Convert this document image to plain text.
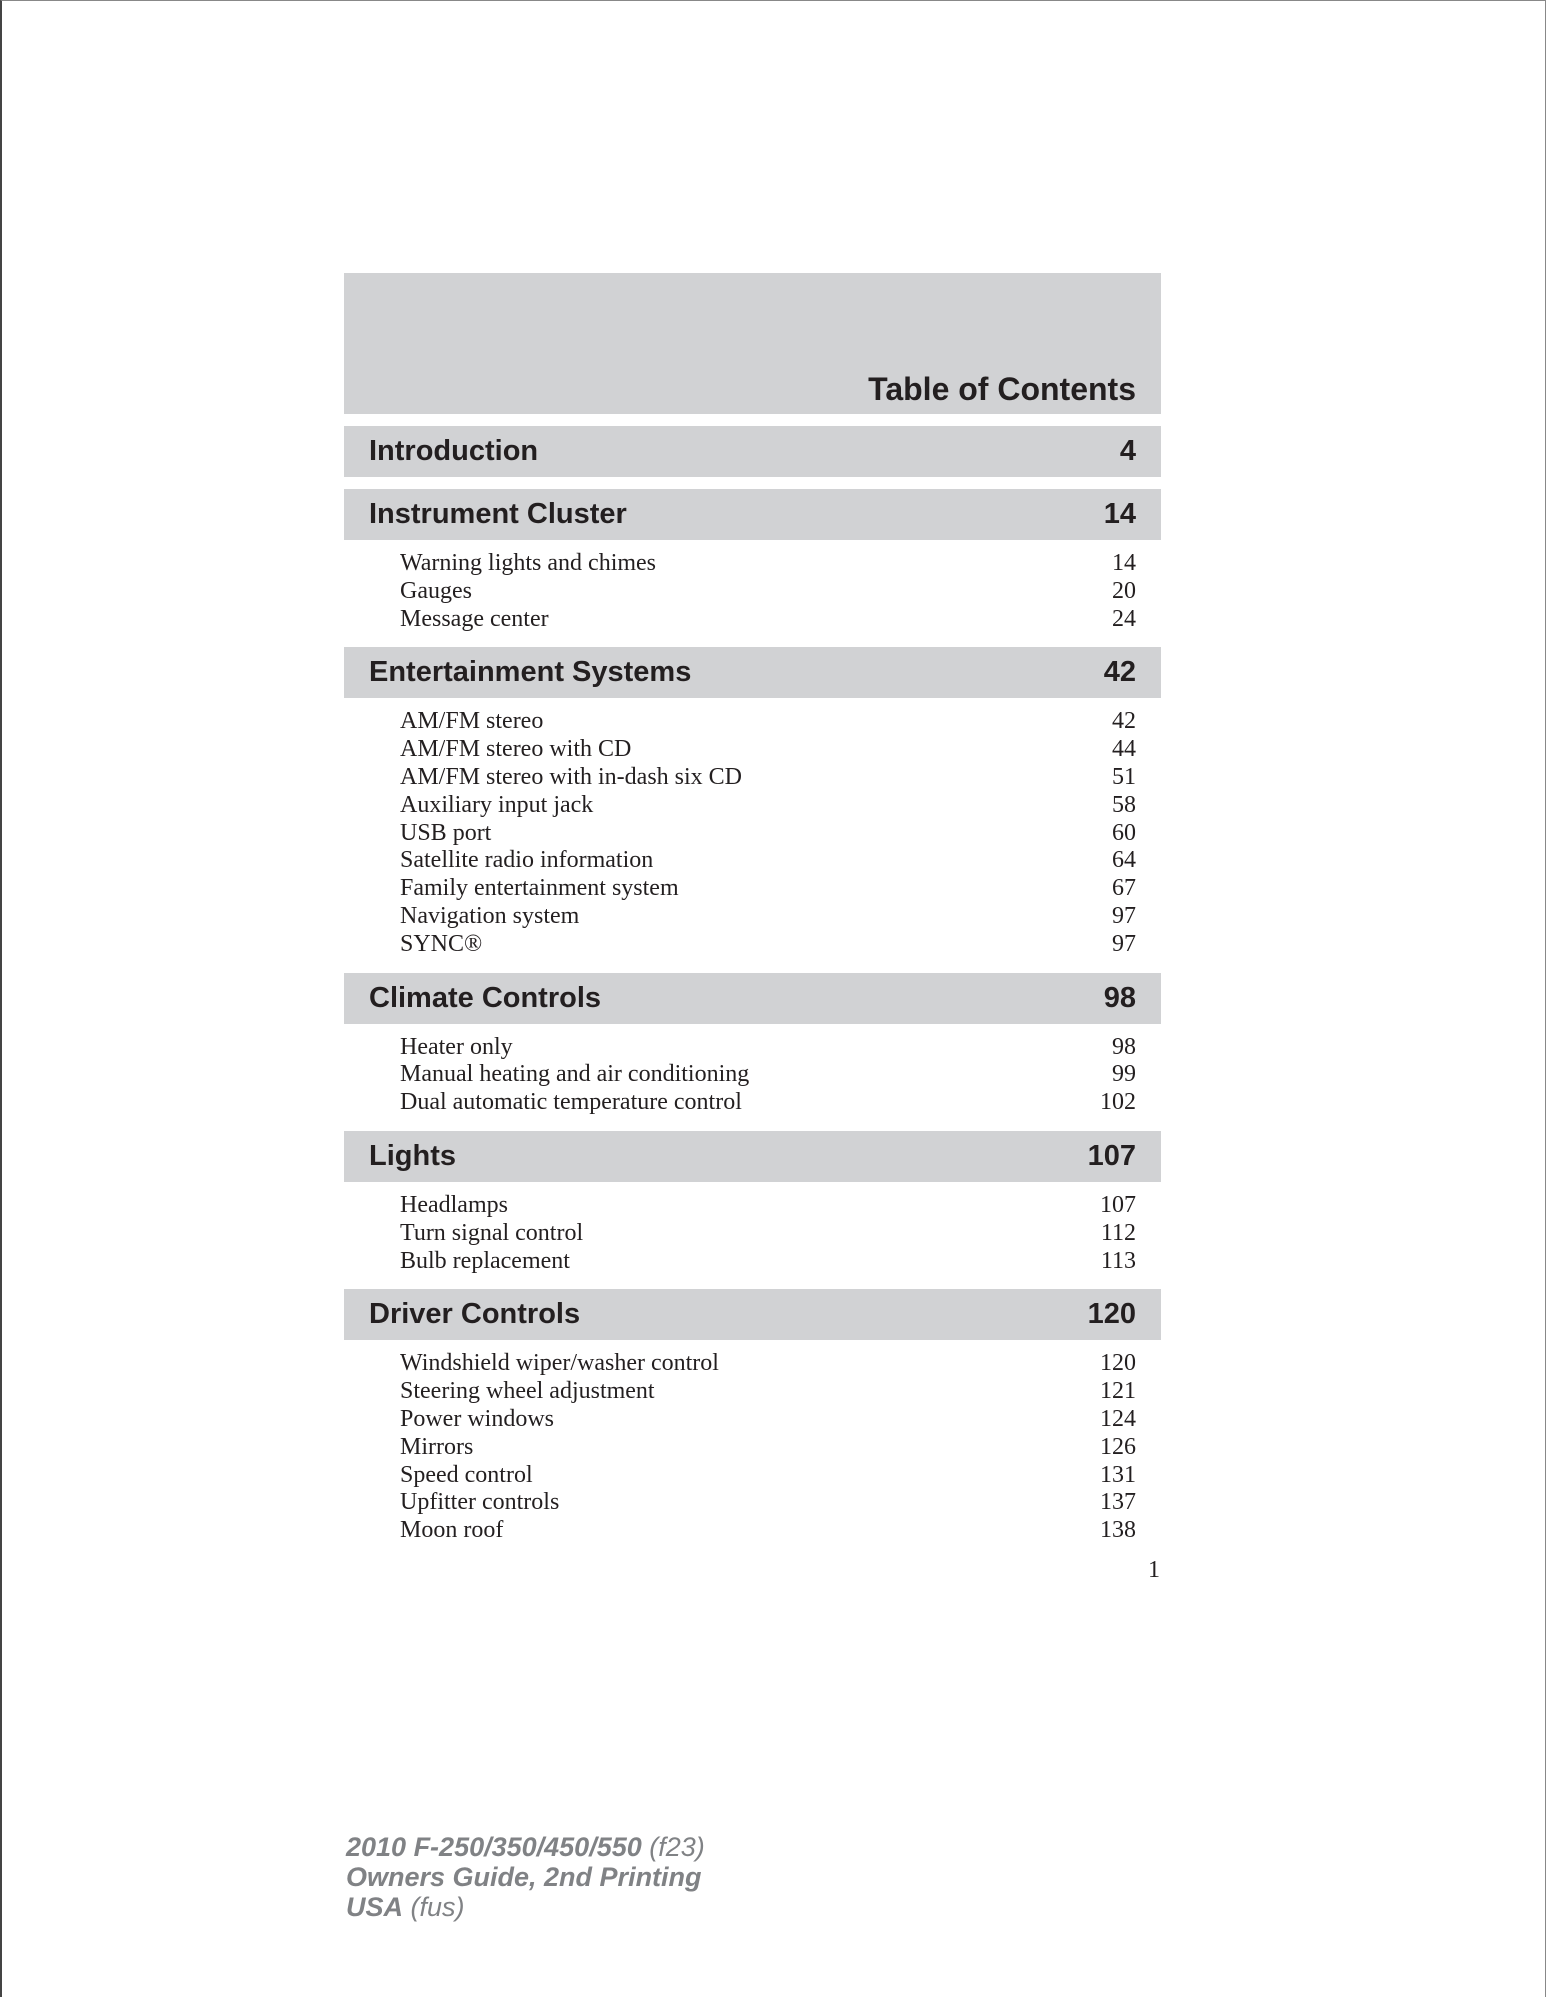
Table of Contents
Introduction	4
Instrument Cluster	14
Warning lights and chimes	14
Gauges	20
Message center	24
Entertainment Systems	42
AM/FM stereo	42
AM/FM stereo with CD	44
AM/FM stereo with in-dash six CD	51
Auxiliary input jack	58
USB port	60
Satellite radio information	64
Family entertainment system	67
Navigation system	97
SYNC®	97
Climate Controls	98
Heater only	98
Manual heating and air conditioning	99
Dual automatic temperature control	102
Lights	107
Headlamps	107
Turn signal control	112
Bulb replacement	113
Driver Controls	120
Windshield wiper/washer control	120
Steering wheel adjustment	121
Power windows	124
Mirrors	126
Speed control	131
Upfitter controls	137
Moon roof	138
1
2010 F-250/350/450/550 (f23)
Owners Guide, 2nd Printing
USA (fus)
